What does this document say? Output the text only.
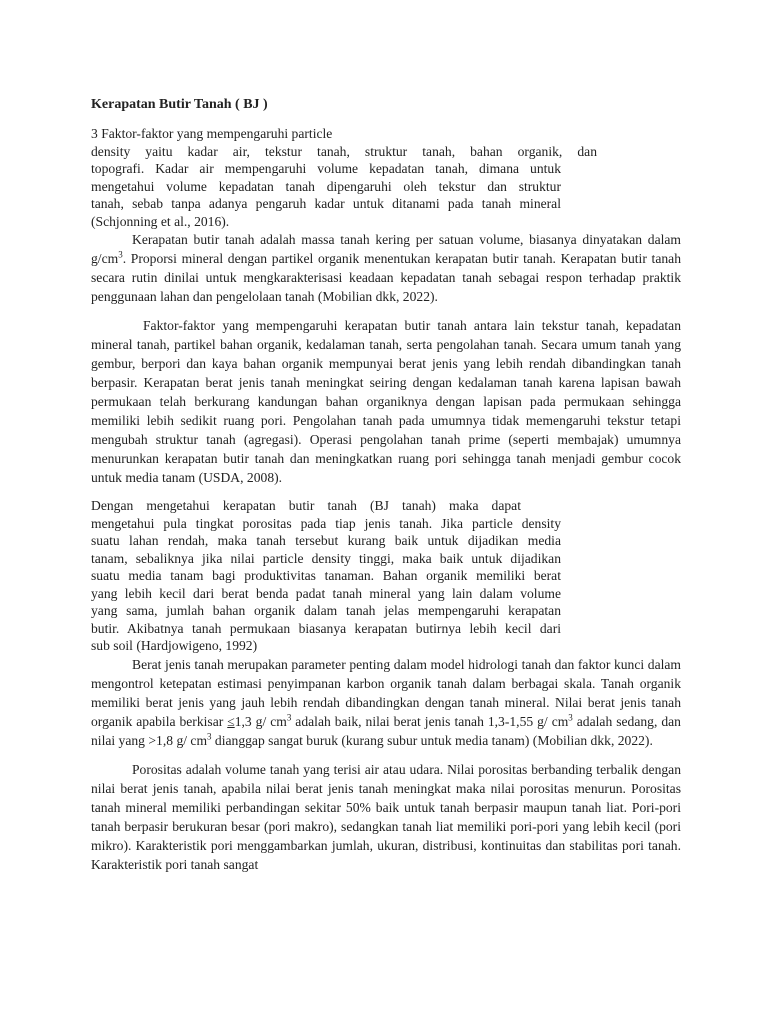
Kerapatan Butir Tanah ( BJ )
3 Faktor-faktor yang mempengaruhi particle
density yaitu kadar air, tekstur tanah, struktur tanah, bahan organik, dan
topografi. Kadar air mempengaruhi volume kepadatan tanah, dimana untuk
mengetahui volume kepadatan tanah dipengaruhi oleh tekstur dan struktur
tanah, sebab tanpa adanya pengaruh kadar untuk ditanami pada tanah mineral
(Schjonning et al., 2016).

Kerapatan butir tanah adalah massa tanah kering per satuan volume, biasanya dinyatakan dalam $g/cm^3$. Proporsi mineral dengan partikel organik menentukan kerapatan butir tanah. Kerapatan butir tanah secara rutin dinilai untuk mengkarakterisasi keadaan kepadatan tanah sebagai respon terhadap praktik penggunaan lahan dan pengelolaan tanah (Mobilian dkk, 2022).

Faktor-faktor yang mempengaruhi kerapatan butir tanah antara lain tekstur tanah, kepadatan mineral tanah, partikel bahan organik, kedalaman tanah, serta pengolahan tanah. Secara umum tanah yang gembur, berpori dan kaya bahan organik mempunyai berat jenis yang lebih rendah dibandingkan tanah berpasir. Kerapatan berat jenis tanah meningkat seiring dengan kedalaman tanah karena lapisan bawah permukaan telah berkurang kandungan bahan organiknya dengan lapisan pada permukaan sehingga memiliki lebih sedikit ruang pori. Pengolahan tanah pada umumnya tidak memengaruhi tekstur tetapi mengubah struktur tanah (agregasi). Operasi pengolahan tanah prime (seperti membajak) umumnya menurunkan kerapatan butir tanah dan meningkatkan ruang pori sehingga tanah menjadi gembur cocok untuk media tanam (USDA, 2008).

Dengan mengetahui kerapatan butir tanah (BJ tanah) maka dapat
mengetahui pula tingkat porositas pada tiap jenis tanah. Jika particle density
suatu lahan rendah, maka tanah tersebut kurang baik untuk dijadikan media
tanam, sebaliknya jika nilai particle density tinggi, maka baik untuk dijadikan
suatu media tanam bagi produktivitas tanaman. Bahan organik memiliki berat
yang lebih kecil dari berat benda padat tanah mineral yang lain dalam volume
yang sama, jumlah bahan organik dalam tanah jelas mempengaruhi kerapatan
butir. Akibatnya tanah permukaan biasanya kerapatan butirnya lebih kecil dari
sub soil (Hardjowigeno, 1992)

Berat jenis tanah merupakan parameter penting dalam model hidrologi tanah dan faktor kunci dalam mengontrol ketepatan estimasi penyimpanan karbon organik tanah dalam berbagai skala. Tanah organik memiliki berat jenis yang jauh lebih rendah dibandingkan dengan tanah mineral. Nilai berat jenis tanah organik apabila berkisar ≤1,3 g/ $cm^3$ adalah baik, nilai berat jenis tanah 1,3-1,55 g/ $cm^3$ adalah sedang, dan nilai yang >1,8 g/ $cm^3$ dianggap sangat buruk (kurang subur untuk media tanam) (Mobilian dkk, 2022).

Porositas adalah volume tanah yang terisi air atau udara. Nilai porositas berbanding terbalik dengan nilai berat jenis tanah, apabila nilai berat jenis tanah meningkat maka nilai porositas menurun. Porositas tanah mineral memiliki perbandingan sekitar 50% baik untuk tanah berpasir maupun tanah liat. Pori-pori tanah berpasir berukuran besar (pori makro), sedangkan tanah liat memiliki pori-pori yang lebih kecil (pori mikro). Karakteristik pori menggambarkan jumlah, ukuran, distribusi, kontinuitas dan stabilitas pori tanah. Karakteristik pori tanah sangat
